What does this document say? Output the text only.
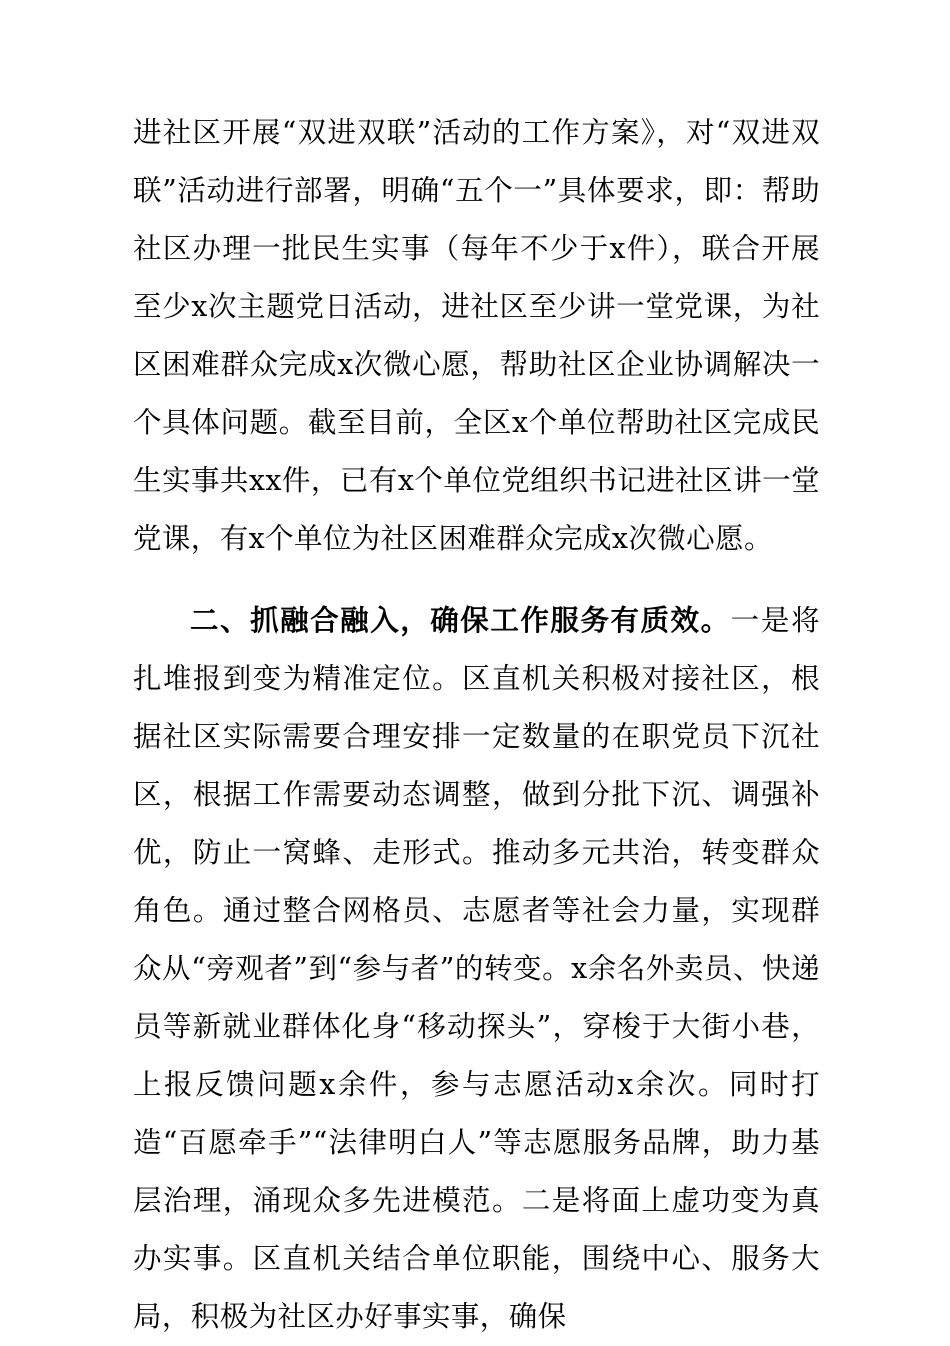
进社区开展“双进双联”活动的工作方案》，对“双进双联”活动进行部署，明确“五个一”具体要求，即：帮助社区办理一批民生实事（每年不少于x件），联合开展至少x次主题党日活动，进社区至少讲一堂党课，为社区困难群众完成x次微心愿，帮助社区企业协调解决一个具体问题。截至目前，全区x个单位帮助社区完成民生实事共xx件，已有x个单位党组织书记进社区讲一堂党课，有x个单位为社区困难群众完成x次微心愿。

二、抓融合融入，确保工作服务有质效。一是将扎堆报到变为精准定位。区直机关积极对接社区，根据社区实际需要合理安排一定数量的在职党员下沉社区，根据工作需要动态调整，做到分批下沉、调强补优，防止一窝蜂、走形式。推动多元共治，转变群众角色。通过整合网格员、志愿者等社会力量，实现群众从“旁观者”到“参与者”的转变。x余名外卖员、快递员等新就业群体化身“移动探头”，穿梭于大街小巷，上报反馈问题x余件，参与志愿活动x余次。同时打造“百愿牵手”“法律明白人”等志愿服务品牌，助力基层治理，涌现众多先进模范。二是将面上虚功变为真办实事。区直机关结合单位职能，围绕中心、服务大局，积极为社区办好事实事，确保
